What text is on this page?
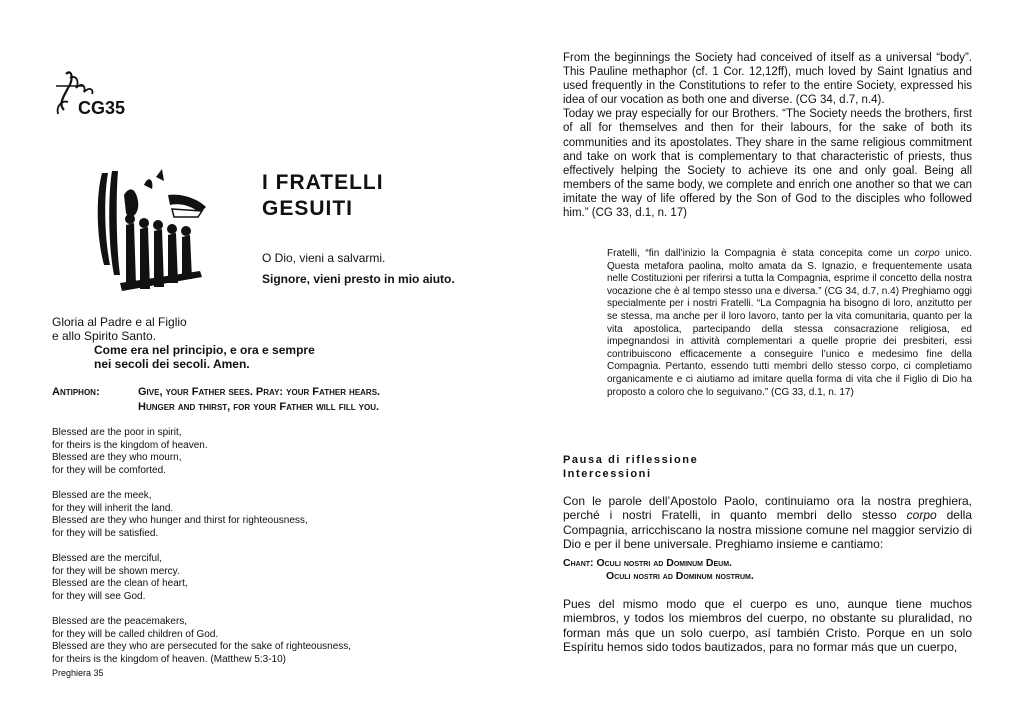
CG35
I FRATELLI
GESUITI
O Dio, vieni a salvarmi.
Signore, vieni presto in mio aiuto.
Gloria al Padre e al Figlio
e allo Spirito Santo.
Come era nel principio, e ora e sempre
nei secoli dei secoli. Amen.
Antiphon:	Give, your Father sees. Pray: your Father hears.
Hunger and thirst, for your Father will fill you.
Blessed are the poor in spirit,
for theirs is the kingdom of heaven.
Blessed are they who mourn,
for they will be comforted.
Blessed are the meek,
for they will inherit the land.
Blessed are they who hunger and thirst for righteousness,
for they will be satisfied.
Blessed are the merciful,
for they will be shown mercy.
Blessed are the clean of heart,
for they will see God.
Blessed are the peacemakers,
for they will be called children of God.
Blessed are they who are persecuted for the sake of righteousness,
for theirs is the kingdom of heaven. (Matthew 5:3-10)
Preghiera 35

From the beginnings the Society had conceived of itself as a universal “body”. This Pauline methaphor (cf. 1 Cor. 12,12ff), much loved by Saint Ignatius and used frequently in the Constitutions to refer to the entire Society, expressed his idea of our vocation as both one and diverse. (CG 34, d.7, n.4).

Today we pray especially for our Brothers. “The Society needs the brothers, first of all for themselves and then for their labours, for the sake of both its communities and its apostolates. They share in the same religious commitment and take on work that is complementary to that characteristic of priests, thus effectively helping the Society to achieve its one and only goal. Being all members of the same body, we complete and enrich one another so that we can imitate the way of life offered by the Son of God to the disciples who followed him.” (CG 33, d.1, n. 17)

Fratelli, “fin dall’inizio la Compagnia è stata concepita come un corpo unico. Questa metafora paolina, molto amata da S. Ignazio, e frequentemente usata nelle Costituzioni per riferirsi a tutta la Compagnia, esprime il concetto della nostra vocazione che è al tempo stesso una e diversa.” (CG 34, d.7, n.4) Preghiamo oggi specialmente per i nostri Fratelli. “La Compagnia ha bisogno di loro, anzitutto per se stessa, ma anche per il loro lavoro, tanto per la vita comunitaria, quanto per la vita apostolica, partecipando della stessa consacrazione religiosa, ed impegnandosi in attività complementari a quelle proprie dei presbiteri, essi contribuiscono efficacemente a conseguire l’unico e medesimo fine della Compagnia. Pertanto, essendo tutti membri dello stesso corpo, ci completiamo organicamente e ci aiutiamo ad imitare quella forma di vita che il Figlio di Dio ha proposto a coloro che lo seguivano.” (CG 33, d.1, n. 17)

Pausa di riflessione
Intercessioni

Con le parole dell’Apostolo Paolo, continuiamo ora la nostra preghiera, perché i nostri Fratelli, in quanto membri dello stesso corpo della Compagnia, arricchiscano la nostra missione comune nel maggior servizio di Dio e per il bene universale. Preghiamo insieme e cantiamo:

Chant: Oculi nostri ad Dominum Deum.
Oculi nostri ad Dominum nostrum.

Pues del mismo modo que el cuerpo es uno, aunque tiene muchos miembros, y todos los miembros del cuerpo, no obstante su pluralidad, no forman más que un solo cuerpo, así también Cristo. Porque en un solo Espíritu hemos sido todos bautizados, para no formar más que un cuerpo,
